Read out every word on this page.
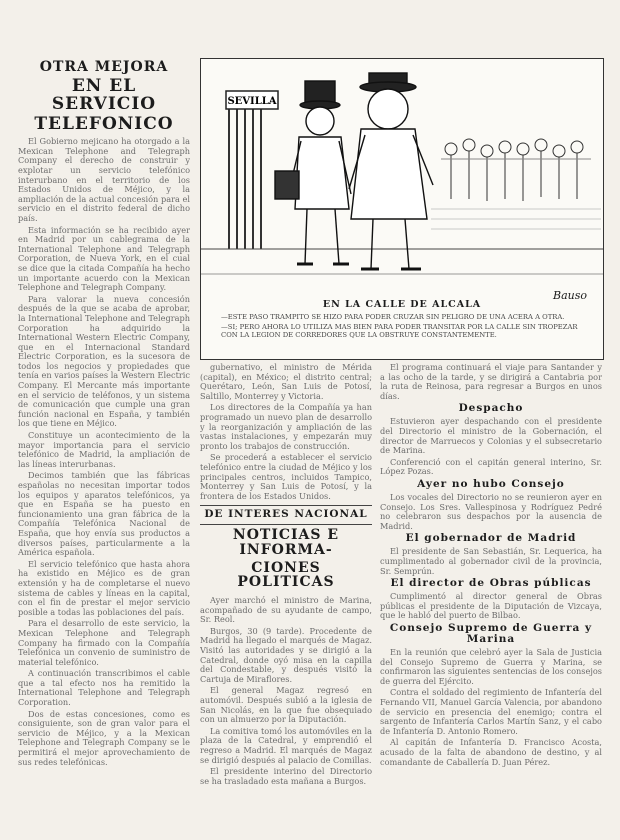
OTRA MEJORA
EN EL SERVICIO
TELEFONICO

El Gobierno mejicano ha otorgado a la Mexican Telephone and Telegraph Company el derecho de construir y explotar un servicio telefónico interurbano en el territorio de los Estados Unidos de Méjico, y la ampliación de la actual concesión para el servicio en el distrito federal de dicho país.

Esta información se ha recibido ayer en Madrid por un cablegrama de la International Telephone and Telegraph Corporation, de Nueva York, en el cual se dice que la citada Compañía ha hecho un importante acuerdo con la Mexican Telephone and Telegraph Company.

Para valorar la nueva concesión después de la que se acaba de aprobar, la International Telephone and Telegraph Corporation ha adquirido la International Western Electric Company, que en el Internacional Standard Electric Corporation, es la sucesora de todos los negocios y propiedades que tenía en varios países la Western Electric Company. El Mercante más importante en el servicio de teléfonos, y un sistema de comunicación que cumple una gran función nacional en España, y también los que tiene en Méjico.

Constituye un acontecimiento de la mayor importancia para el servicio telefónico de Madrid, la ampliación de las líneas interurbanas.

Decimos también que las fábricas españolas no necesitan importar todos los equipos y aparatos telefónicos, ya que en España se ha puesto en funcionamiento una gran fábrica de la Compañía Telefónica Nacional de España, que hoy envía sus productos a diversos países, particularmente a la América española.

El servicio telefónico que hasta ahora ha existido en Méjico es de gran extensión y ha de completarse el nuevo sistema de cables y líneas en la capital, con el fin de prestar el mejor servicio posible a todas las poblaciones del país.

Para el desarrollo de este servicio, la Mexican Telephone and Telegraph Company ha firmado con la Compañía Telefónica un convenio de suministro de material telefónico.

A continuación transcribimos el cable que a tal efecto nos ha remitido la International Telephone and Telegraph Corporation.

Dos de estas concesiones, como es consiguiente, son de gran valor para el servicio de Méjico, y a la Mexican Telephone and Telegraph Company se le permitirá el mejor aprovechamiento de sus redes telefónicas.

SEVILLA
Bauso
EN LA CALLE DE ALCALA
—ESTE PASO TRAMPITO SE HIZO PARA PODER CRUZAR SIN PELIGRO DE UNA ACERA A OTRA.
—SI; PERO AHORA LO UTILIZA MAS BIEN PARA PODER TRANSITAR POR LA CALLE SIN TROPEZAR CON LA LEGION DE CORREDORES QUE LA OBSTRUYE CONSTANTEMENTE.

gubernativo, el ministro de Mérida (capital), en México; el distrito central; Querétaro, León, San Luis de Potosí, Saltillo, Monterrey y Victoria.

Los directores de la Compañía ya han programado un nuevo plan de desarrollo y la reorganización y ampliación de las vastas instalaciones, y empezarán muy pronto los trabajos de construcción.

Se procederá a establecer el servicio telefónico entre la ciudad de Méjico y los principales centros, incluidos Tampico, Monterrey y San Luis de Potosí, y la frontera de los Estados Unidos.

DE INTERES NACIONAL
NOTICIAS E INFORMA-
CIONES POLITICAS

Ayer marchó el ministro de Marina, acompañado de su ayudante de campo, Sr. Reol.

Burgos, 30 (9 tarde). Procedente de Madrid ha llegado el marqués de Magaz. Visitó las autoridades y se dirigió a la Catedral, donde oyó misa en la capilla del Condestable, y después visitó la Cartuja de Miraflores.

El general Magaz regresó en automóvil. Después subió a la iglesia de San Nicolás, en la que fue obsequiado con un almuerzo por la Diputación.

La comitiva tomó los automóviles en la plaza de la Catedral, y emprendió el regreso a Madrid. El marqués de Magaz se dirigió después al palacio de Comillas.

El presidente interino del Directorio se ha trasladado esta mañana a Burgos.

El programa continuará el viaje para Santander y a las ocho de la tarde, y se dirigirá a Cantabria por la ruta de Reinosa, para regresar a Burgos en unos días.

Despacho

Estuvieron ayer despachando con el presidente del Directorio el ministro de la Gobernación, el director de Marruecos y Colonias y el subsecretario de Marina.

Conferenció con el capitán general interino, Sr. López Pozas.

Ayer no hubo Consejo

Los vocales del Directorio no se reunieron ayer en Consejo. Los Sres. Vallespinosa y Rodríguez Pedré no celebraron sus despachos por la ausencia de Madrid.

El gobernador de Madrid

El presidente de San Sebastián, Sr. Lequerica, ha cumplimentado al gobernador civil de la provincia, Sr. Semprún.

El director de Obras públicas

Cumplimentó al director general de Obras públicas el presidente de la Diputación de Vizcaya, que le habló del puerto de Bilbao.

Consejo Supremo de Guerra y Marina

En la reunión que celebró ayer la Sala de Justicia del Consejo Supremo de Guerra y Marina, se confirmaron las siguientes sentencias de los consejos de guerra del Ejército.

Contra el soldado del regimiento de Infantería del Fernando VII, Manuel García Valencia, por abandono de servicio en presencia del enemigo; contra el sargento de Infantería Carlos Martín Sanz, y el cabo de Infantería D. Antonio Romero.

Al capitán de Infantería D. Francisco Acosta, acusado de la falta de abandono de destino, y al comandante de Caballería D. Juan Pérez.
